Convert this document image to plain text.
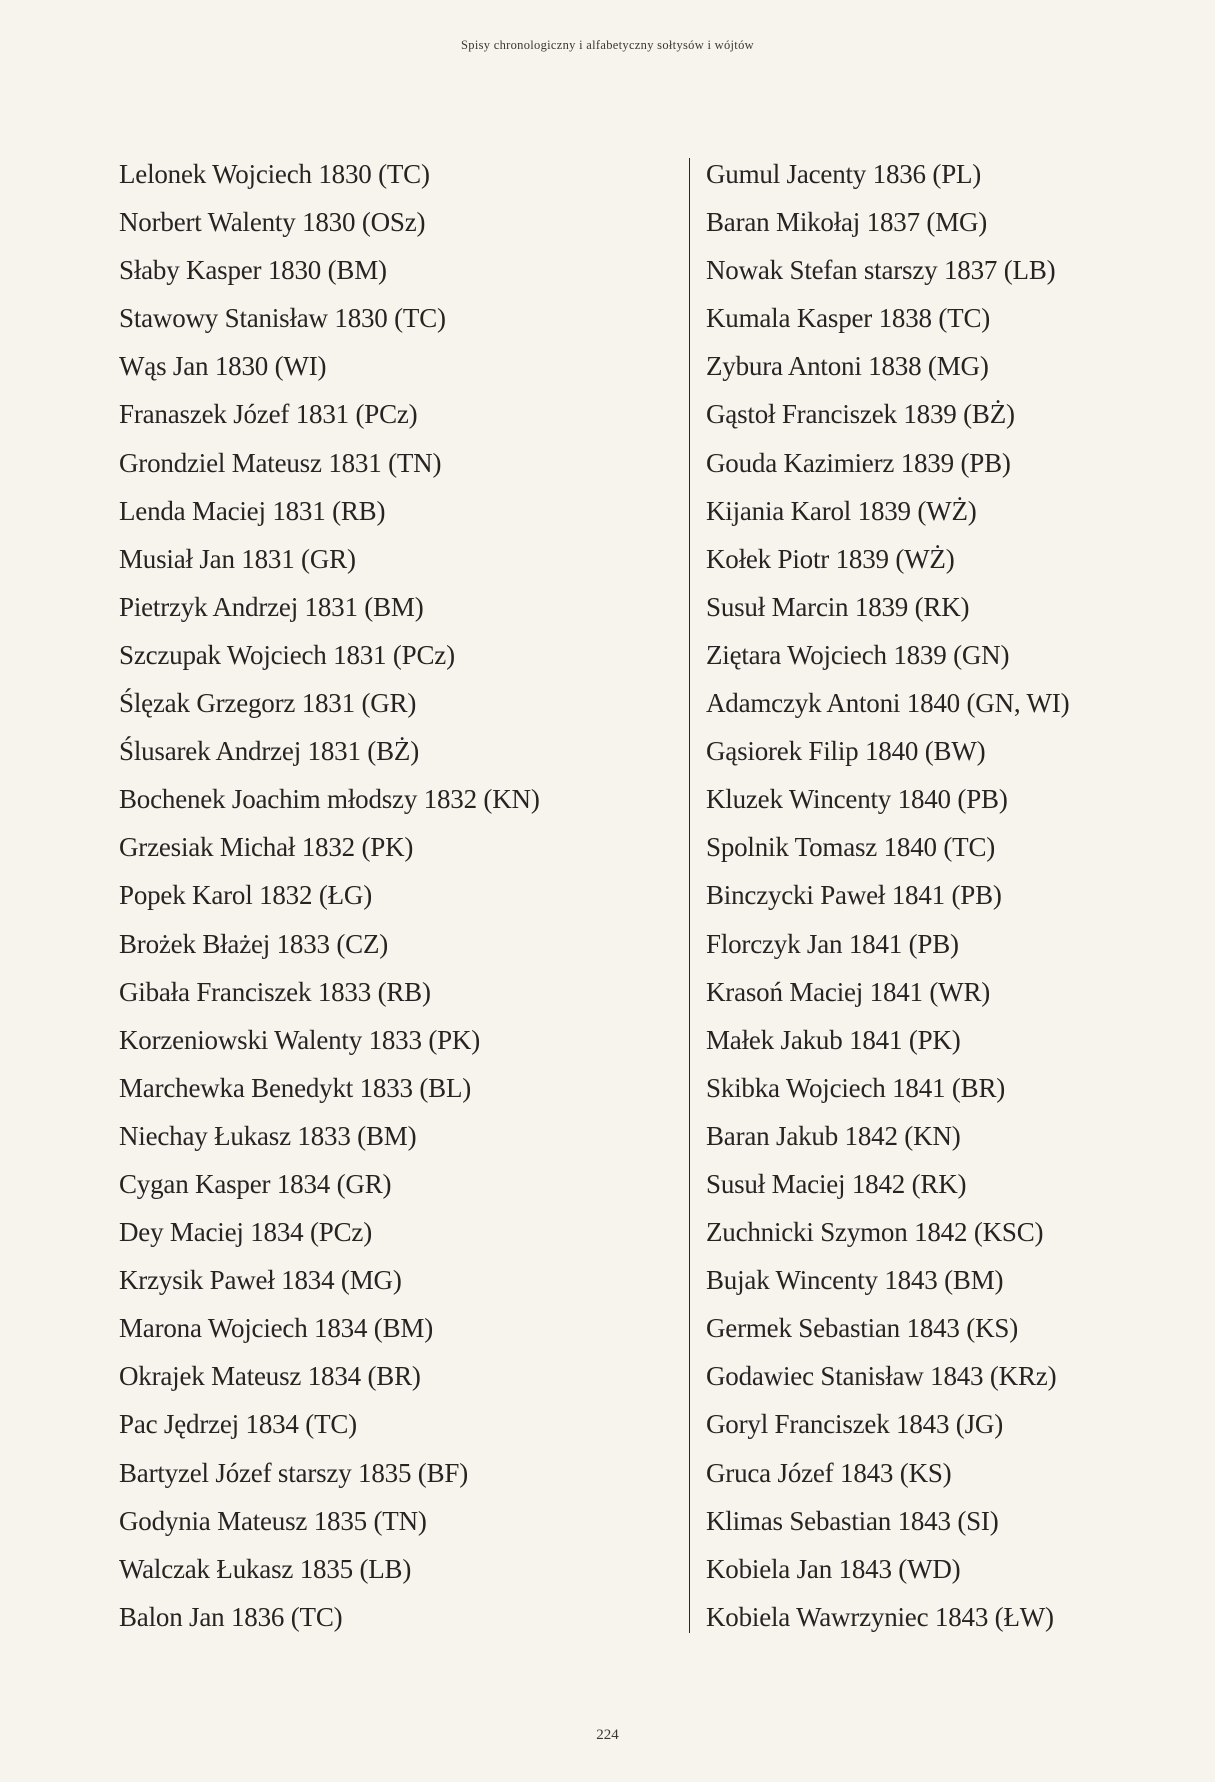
Spisy chronologiczny i alfabetyczny sołtysów i wójtów
Lelonek Wojciech 1830 (TC)
Norbert Walenty 1830 (OSz)
Słaby Kasper 1830 (BM)
Stawowy Stanisław 1830 (TC)
Wąs Jan 1830 (WI)
Franaszek Józef 1831 (PCz)
Grondziel Mateusz 1831 (TN)
Lenda Maciej 1831 (RB)
Musiał Jan 1831 (GR)
Pietrzyk Andrzej 1831 (BM)
Szczupak Wojciech 1831 (PCz)
Ślęzak Grzegorz 1831 (GR)
Ślusarek Andrzej 1831 (BŻ)
Bochenek Joachim młodszy 1832 (KN)
Grzesiak Michał 1832 (PK)
Popek Karol 1832 (ŁG)
Brożek Błażej 1833 (CZ)
Gibała Franciszek 1833 (RB)
Korzeniowski Walenty 1833 (PK)
Marchewka Benedykt 1833 (BL)
Niechay Łukasz 1833 (BM)
Cygan Kasper 1834 (GR)
Dey Maciej 1834 (PCz)
Krzysik Paweł 1834 (MG)
Marona Wojciech 1834 (BM)
Okrajek Mateusz 1834 (BR)
Pac Jędrzej 1834 (TC)
Bartyzel Józef starszy 1835 (BF)
Godynia Mateusz 1835 (TN)
Walczak Łukasz 1835 (LB)
Balon Jan 1836 (TC)
Gumul Jacenty 1836 (PL)
Baran Mikołaj 1837 (MG)
Nowak Stefan starszy 1837 (LB)
Kumala Kasper 1838 (TC)
Zybura Antoni 1838 (MG)
Gąstoł Franciszek 1839 (BŻ)
Gouda Kazimierz 1839 (PB)
Kijania Karol 1839 (WŻ)
Kołek Piotr 1839 (WŻ)
Susuł Marcin 1839 (RK)
Ziętara Wojciech 1839 (GN)
Adamczyk Antoni 1840 (GN, WI)
Gąsiorek Filip 1840 (BW)
Kluzek Wincenty 1840 (PB)
Spolnik Tomasz 1840 (TC)
Binczycki Paweł 1841 (PB)
Florczyk Jan 1841 (PB)
Krasoń Maciej 1841 (WR)
Małek Jakub 1841 (PK)
Skibka Wojciech 1841 (BR)
Baran Jakub 1842 (KN)
Susuł Maciej 1842 (RK)
Zuchnicki Szymon 1842 (KSC)
Bujak Wincenty 1843 (BM)
Germek Sebastian 1843 (KS)
Godawiec Stanisław 1843 (KRz)
Goryl Franciszek 1843 (JG)
Gruca Józef 1843 (KS)
Klimas Sebastian 1843 (SI)
Kobiela Jan 1843 (WD)
Kobiela Wawrzyniec 1843 (ŁW)
224
